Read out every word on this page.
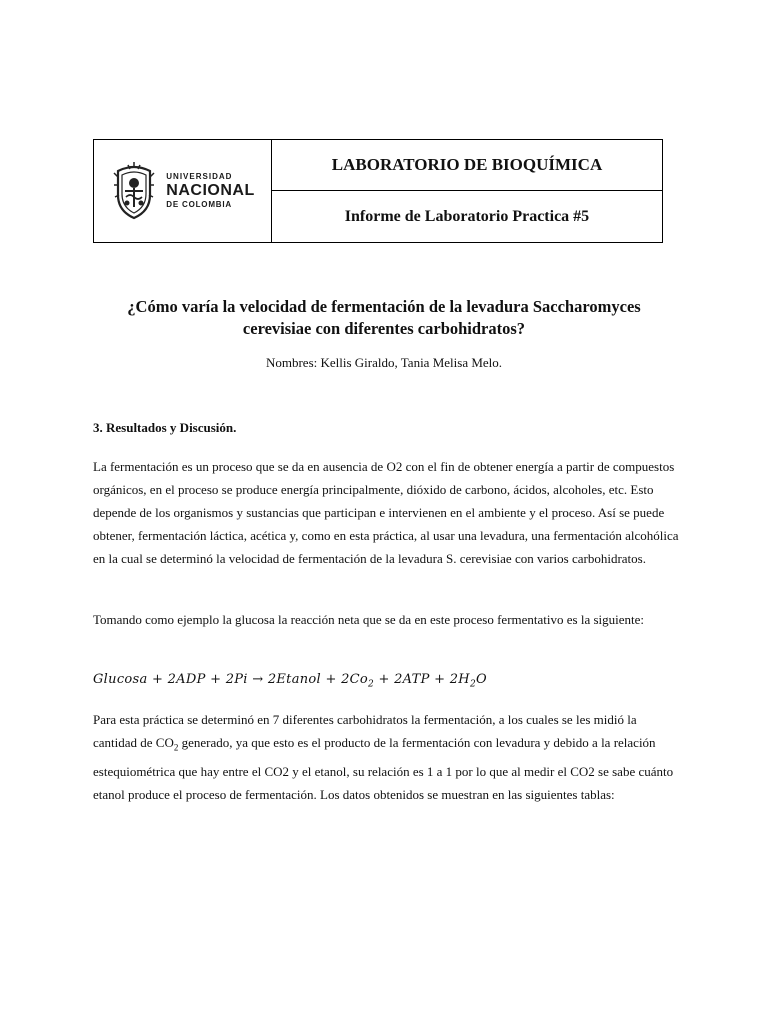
UNIVERSIDAD
NACIONAL
DE COLOMBIA
LABORATORIO DE BIOQUÍMICA
Informe de Laboratorio Practica #5
¿Cómo varía la velocidad de fermentación de la levadura Saccharomyces cerevisiae con diferentes carbohidratos?
Nombres: Kellis Giraldo, Tania Melisa Melo.
3. Resultados y Discusión.

La fermentación es un proceso que se da en ausencia de O2 con el fin de obtener energía a partir de compuestos orgánicos, en el proceso se produce energía principalmente, dióxido de carbono, ácidos, alcoholes, etc. Esto depende de los organismos y sustancias que participan e intervienen en el ambiente y el proceso. Así se puede obtener, fermentación láctica, acética y, como en esta práctica, al usar una levadura, una fermentación alcohólica en la cual se determinó la velocidad de fermentación de la levadura S. cerevisiae con varios carbohidratos.

Tomando como ejemplo la glucosa la reacción neta que se da en este proceso fermentativo es la siguiente:

Glucosa + 2ADP + 2Pi → 2Etanol + $2Co_2 + 2ATP + 2H_2O$

Para esta práctica se determinó en 7 diferentes carbohidratos la fermentación, a los cuales se les midió la cantidad de $CO_2$ generado, ya que esto es el producto de la fermentación con levadura y debido a la relación estequiométrica que hay entre el CO2 y el etanol, su relación es 1 a 1 por lo que al medir el CO2 se sabe cuánto etanol produce el proceso de fermentación. Los datos obtenidos se muestran en las siguientes tablas:
